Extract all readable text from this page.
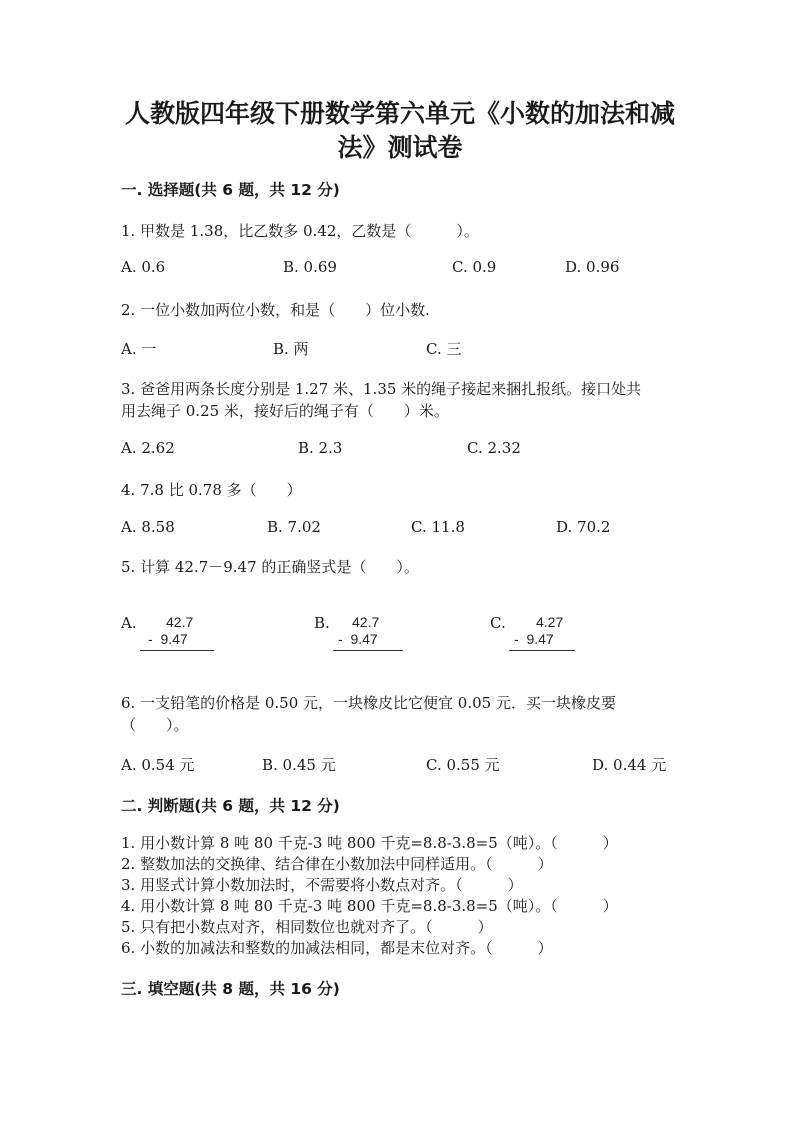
人教版四年级下册数学第六单元《小数的加法和减
法》测试卷
一. 选择题(共 6 题，共 12 分)
1. 甲数是 1.38，比乙数多 0.42，乙数是（　　　）。
A. 0.6	B. 0.69	C. 0.9	D. 0.96
2. 一位小数加两位小数，和是（　　）位小数.
A. 一	B. 两	C. 三
3. 爸爸用两条长度分别是 1.27 米、1.35 米的绳子接起来捆扎报纸。接口处共
用去绳子 0.25 米，接好后的绳子有（　　）米。
A. 2.62	B. 2.3	C. 2.32
4. 7.8 比 0.78 多（　　）
A. 8.58	B. 7.02	C. 11.8	D. 70.2
5. 计算 42.7－9.47 的正确竖式是（　　）。
A. 42.7
-  9.47
B. 42.7
-  9.47
C. 4.27
-  9.47
6. 一支铅笔的价格是 0.50 元，一块橡皮比它便宜 0.05 元．买一块橡皮要
（　　）。
A. 0.54 元	B. 0.45 元	C. 0.55 元	D. 0.44 元
二. 判断题(共 6 题，共 12 分)
1. 用小数计算 8 吨 80 千克-3 吨 800 千克=8.8-3.8=5（吨）。（　　　）
2. 整数加法的交换律、结合律在小数加法中同样适用。（　　　）
3. 用竖式计算小数加法时，不需要将小数点对齐。（　　　）
4. 用小数计算 8 吨 80 千克-3 吨 800 千克=8.8-3.8=5（吨）。（　　　）
5. 只有把小数点对齐，相同数位也就对齐了。（　　　）
6. 小数的加减法和整数的加减法相同，都是末位对齐。（　　　）
三. 填空题(共 8 题，共 16 分)
